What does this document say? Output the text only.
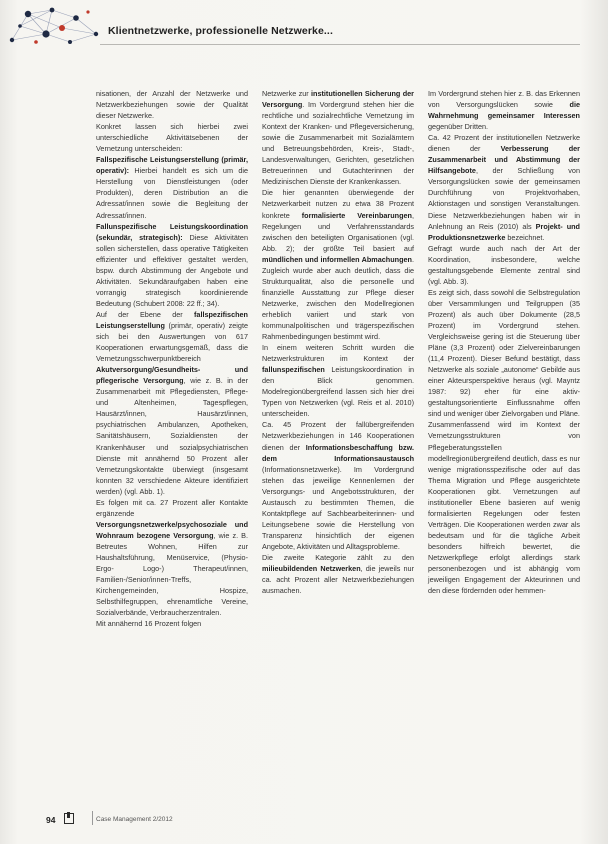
Klientnetzwerke, professionelle Netzwerke...

nisationen, der Anzahl der Netzwerke und Netzwerkbeziehungen sowie der Qualität dieser Netzwerke.

Konkret lassen sich hierbei zwei unterschiedliche Aktivitätsebenen der Vernetzung unterscheiden:

Fallspezifische Leistungserstellung (primär, operativ): Hierbei handelt es sich um die Herstellung von Dienstleistungen (oder Produkten), deren Distribution an die Adressat/innen sowie die Begleitung der Adressat/innen.

Fallunspezifische Leistungskoordination (sekundär, strategisch): Diese Aktivitäten sollen sicherstellen, dass operative Tätigkeiten effizienter und effektiver gestaltet werden, bspw. durch Abstimmung der Angebote und Aktivitäten. Sekundäraufgaben haben eine vorrangig strategisch koordinierende Bedeutung (Schubert 2008: 22 ff.; 34).

Auf der Ebene der fallspezifischen Leistungserstellung (primär, operativ) zeigte sich bei den Auswertungen von 617 Kooperationen erwartungsgemäß, dass die Vernetzungsschwerpunktbereich Akutversorgung/Gesundheits- und pflegerische Versorgung, wie z. B. in der Zusammenarbeit mit Pflegediensten, Pflege- und Altenheimen, Tagespflegen, Hausärzt/innen, Hausärzt/innen, psychiatrischen Ambulanzen, Apotheken, Sanitätshäusern, Sozialdiensten der Krankenhäuser und sozialpsychiatrischen Dienste mit annähernd 50 Prozent aller Vernetzungskontakte überwiegt (insgesamt konnten 32 verschiedene Akteure identifiziert werden) (vgl. Abb. 1).

Es folgen mit ca. 27 Prozent aller Kontakte ergänzende Versorgungsnetzwerke/psychosoziale und Wohnraum bezogene Versorgung, wie z. B. Betreutes Wohnen, Hilfen zur Haushaltsführung, Menüservice, (Physio- Ergo- Logo-) Therapeut/innen, Familien-/Senior/innen-Treffs, Kirchengemeinden, Hospize, Selbsthilfegruppen, ehrenamtliche Vereine, Sozialverbände, Verbraucherzentralen.

Mit annähernd 16 Prozent folgen

Netzwerke zur institutionellen Sicherung der Versorgung. Im Vordergrund stehen hier die rechtliche und sozialrechtliche Vernetzung im Kontext der Kranken- und Pflegeversicherung, sowie die Zusammenarbeit mit Sozialämtern und Betreuungsbehörden, Kreis-, Stadt-, Landesverwaltungen, Gerichten, gesetzlichen Betreuerinnen und Gutachterinnen der Medizinischen Dienste der Krankenkassen.

Die hier genannten überwiegende der Netzwerkarbeit nutzen zu etwa 38 Prozent konkrete formalisierte Vereinbarungen, Regelungen und Verfahrensstandards zwischen den beteiligten Organisationen (vgl. Abb. 2); der größte Teil basiert auf mündlichen und informellen Abmachungen. Zugleich wurde aber auch deutlich, dass die Strukturqualität, also die personelle und finanzielle Ausstattung zur Pflege dieser Netzwerke, zwischen den Modellregionen erheblich variiert und stark von kommunalpolitischen und trägerspezifischen Rahmenbedingungen bestimmt wird.

In einem weiteren Schritt wurden die Netzwerkstrukturen im Kontext der fallunspezifischen Leistungskoordination in den Blick genommen. Modelregionübergreifend lassen sich hier drei Typen von Netzwerken (vgl. Reis et al. 2010) unterscheiden.

Ca. 45 Prozent der fallübergreifenden Netzwerkbeziehungen in 146 Kooperationen dienen der Informationsbeschaffung bzw. dem Informationsaustausch (Informationsnetzwerke). Im Vordergrund stehen das jeweilige Kennenlernen der Versorgungs- und Angebotsstrukturen, der Austausch zu bestimmten Themen, die Kontaktpflege auf Sachbearbeiterinnen- und Leitungsebene sowie die Herstellung von Transparenz hinsichtlich der eigenen Angebote, Aktivitäten und Alltagsprobleme.

Die zweite Kategorie zählt zu den milieubildenden Netzwerken, die jeweils nur ca. acht Prozent aller Netzwerkbeziehungen ausmachen.

Im Vordergrund stehen hier z. B. das Erkennen von Versorgungslücken sowie die Wahrnehmung gemeinsamer Interessen gegenüber Dritten.

Ca. 42 Prozent der institutionellen Netzwerke dienen der Verbesserung der Zusammenarbeit und Abstimmung der Hilfsangebote, der Schließung von Versorgungslücken sowie der gemeinsamen Durchführung von Projektvorhaben, Aktionstagen und sonstigen Veranstaltungen. Diese Netzwerkbeziehungen haben wir in Anlehnung an Reis (2010) als Projekt- und Produktionsnetzwerke bezeichnet.

Gefragt wurde auch nach der Art der Koordination, insbesondere, welche gestaltungsgebende Elemente zentral sind (vgl. Abb. 3).

Es zeigt sich, dass sowohl die Selbstregulation über Versammlungen und Teilgruppen (35 Prozent) als auch über Dokumente (28,5 Prozent) im Vordergrund stehen. Vergleichsweise gering ist die Steuerung über Pläne (3,3 Prozent) oder Zielvereinbarungen (11,4 Prozent). Dieser Befund bestätigt, dass Netzwerke als soziale „autonome“ Gebilde aus einer Akteursperspektive heraus (vgl. Mayntz 1987: 92) eher für eine aktiv-gestaltungsorientierte Einflussnahme offen sind und weniger über Zielvorgaben und Pläne.

Zusammenfassend wird im Kontext der Vernetzungsstrukturen von Pflegeberatungsstellen modellregionübergreifend deutlich, dass es nur wenige migrationsspezifische oder auf das Thema Migration und Pflege ausgerichtete Kooperationen gibt. Vernetzungen auf institutioneller Ebene basieren auf wenig formalisierten Regelungen oder festen Verträgen. Die Kooperationen werden zwar als bedeutsam und für die tägliche Arbeit besonders hilfreich bewertet, die Netzwerkpflege erfolgt allerdings stark personenbezogen und ist abhängig vom jeweiligen Engagement der Akteurinnen und den diese fördernden oder hemmen-

94	Case Management 2/2012
